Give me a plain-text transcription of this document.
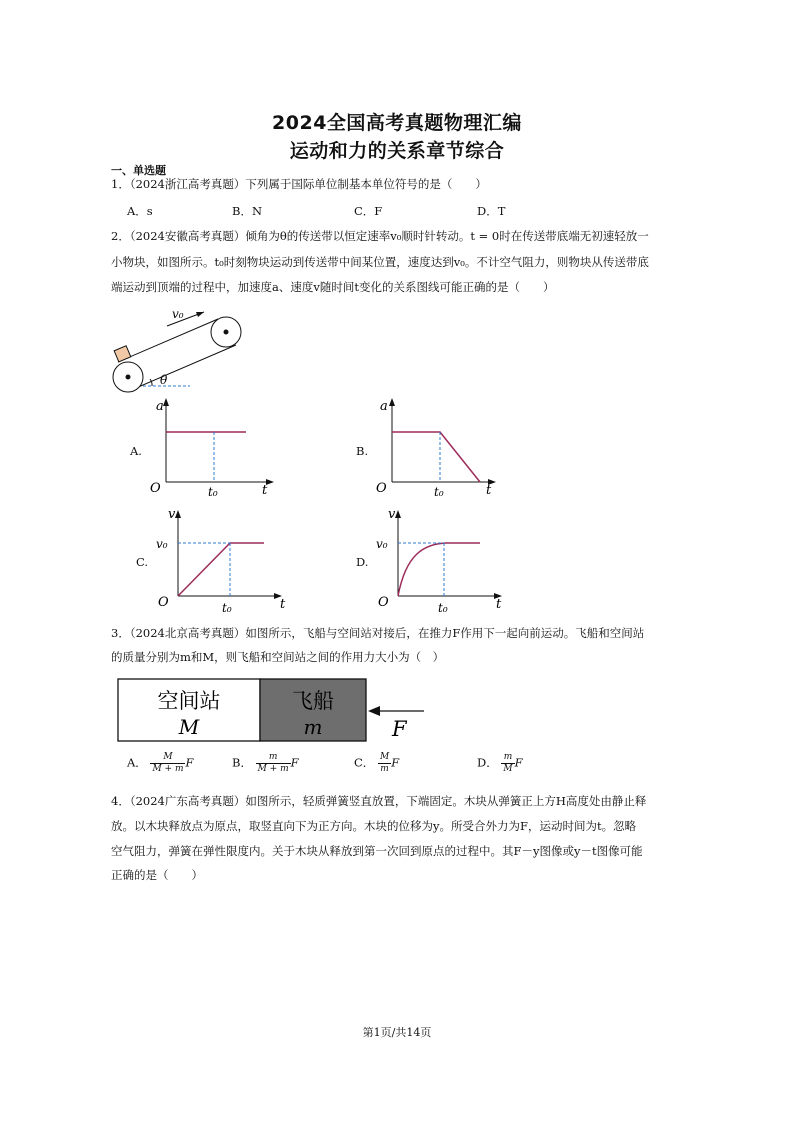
2024全国高考真题物理汇编
运动和力的关系章节综合
一、单选题
1．（2024浙江高考真题）下列属于国际单位制基本单位符号的是（　　）
A．s	B．N	C．F	D．T
2．（2024安徽高考真题）倾角为θ的传送带以恒定速率v₀顺时针转动。t = 0时在传送带底端无初速轻放一
小物块，如图所示。t₀时刻物块运动到传送带中间某位置，速度达到v₀。不计空气阻力，则物块从传送带底
端运动到顶端的过程中，加速度a、速度v随时间t变化的关系图线可能正确的是（　　）
v₀
θ
A.
a
t
O	t₀
B.
a
t
O	t₀
C.
v
t
O
v₀
t₀
D.
v
t
O
v₀
t₀
3．（2024北京高考真题）如图所示，飞船与空间站对接后，在推力F作用下一起向前运动。飞船和空间站
的质量分别为m和M，则飞船和空间站之间的作用力大小为（　）
空间站
M
飞船
m	F
A． $\frac{M}{M + m}$ F	B． $\frac{m}{M + m}$ F	C． $\frac{M}{m}$ F	D． $\frac{m}{M}$ F
4．（2024广东高考真题）如图所示，轻质弹簧竖直放置，下端固定。木块从弹簧正上方H高度处由静止释
放。以木块释放点为原点，取竖直向下为正方向。木块的位移为y。所受合外力为F，运动时间为t。忽略
空气阻力，弹簧在弹性限度内。关于木块从释放到第一次回到原点的过程中。其F－y图像或y－t图像可能
正确的是（　　）
第1页/共14页
